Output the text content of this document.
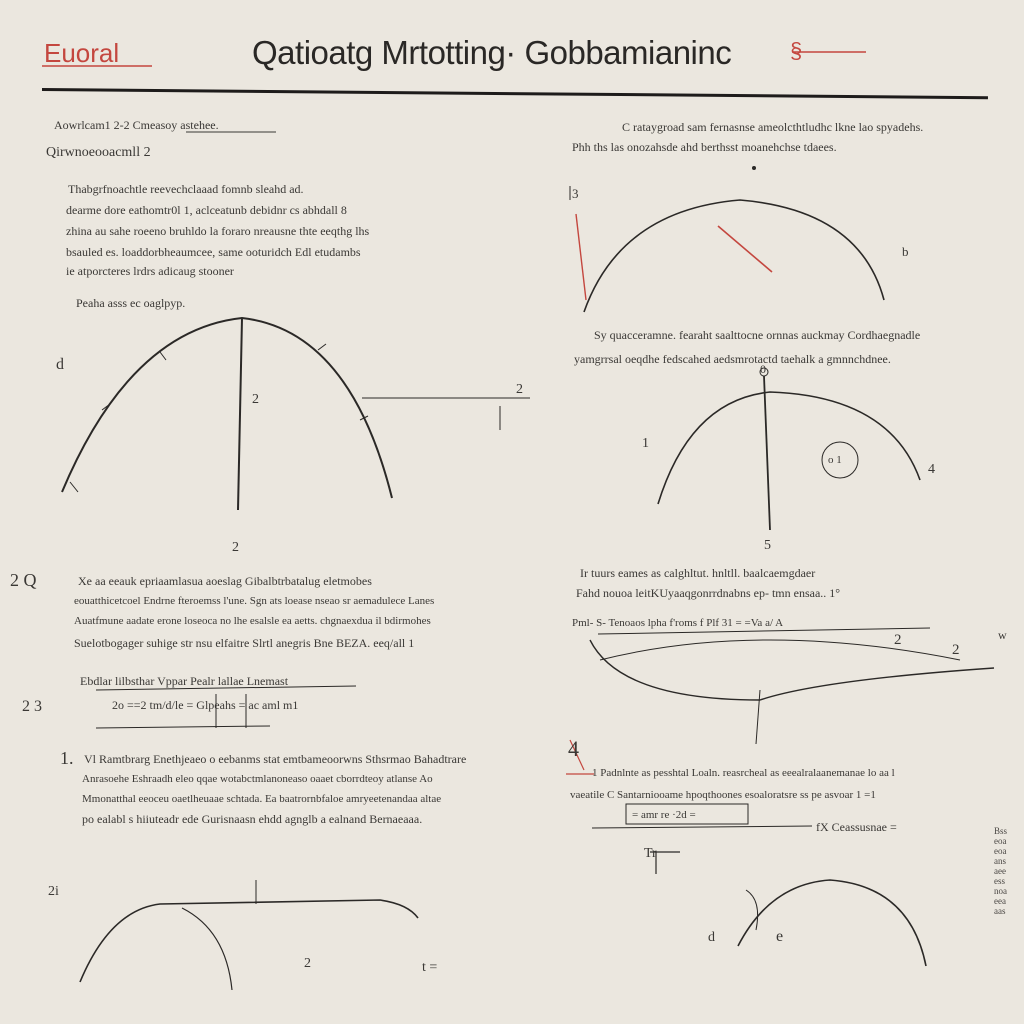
Euoral	§
Qatioatg Mrtotting· Gobbamianinc
Aowrlcam1 2-2 Cmeasoy astehee.
Qirwnoeooacmll 2
Thabgrfnoachtle reevechclaaad fomnb sleahd ad.
dearme dore eathomtr0l 1, aclceatunb debidnr cs abhdall 8
zhina au sahe roeeno bruhldo la foraro nreausne thte eeqthg lhs
bsauled es. loaddorbheaumcee, same ooturidch Edl etudambs
ie atporcteres lrdrs adicaug stooner
Peaha asss ec oaglpyp.
C rataygroad sam fernasnse ameolcthtludhc lkne lao spyadehs.
Phh ths las onozahsde ahd berthsst moanehchse tdaees.
Sy quacceramne. fearaht saalttocne ornnas auckmay Cordhaegnadle
yamgrrsal oeqdhe fedscahed aedsmrotactd taehalk a gmnnchdnee.
d
2
2
2
3
b
0
1
4
o 1
5
2
2
Ir tuurs eames as calghltut. hnltll. baalcaemgdaer
Fahd nouoa leitKUyaaqgonrrdnabns ep- tmn ensaa.. 1°
Pml- S- Tenoaos lpha f'roms f Plf 31 = =Va a/ A
w
2 Q	Xe aa eeauk epriaamlasua aoeslag Gibalbtrbatalug eletmobes
eouatthicetcoel Endrne fteroemss l'une. Sgn ats loease nseao sr aemadulece Lanes
Auatfmune aadate erone loseoca no lhe esalsle ea aetts. chgnaexdua il bdirmohes
Suelotbogager suhige str nsu elfaitre Slrtl anegris Bne BEZA. eeq/all 1
Ebdlar lilbsthar Vppar Pealr lallae Lnemast
2o ==2 tm/d/le = Glpeahs = ac aml m1
2 3
1. Vl Ramtbrarg Enethjeaeo o eebanms stat emtbameoorwns Sthsrmao Bahadtrare
Anrasoehe Eshraadh eleo qqae wotabctmlanoneaso oaaet cborrdteoy atlanse Ao
Mmonatthal eeoceu oaetlheuaae schtada. Ea baatrornbfaloe amryeetenandaa altae
po ealabl s hiiuteadr ede Gurisnaasn ehdd agnglb a ealnand Bernaeaaa.
2i
2	t =
4
1 Padnlnte as pesshtal Loaln. reasrcheal as eeealralaanemanae lo aa l
vaeatile C Santarniooame hpoqthoones esoaloratsre ss pe asvoar 1 =1
= amr re ·2d =
fX Ceassusnae =
d	e
Tr
Bsseoaeoaansaeeessnoaeeaaas
